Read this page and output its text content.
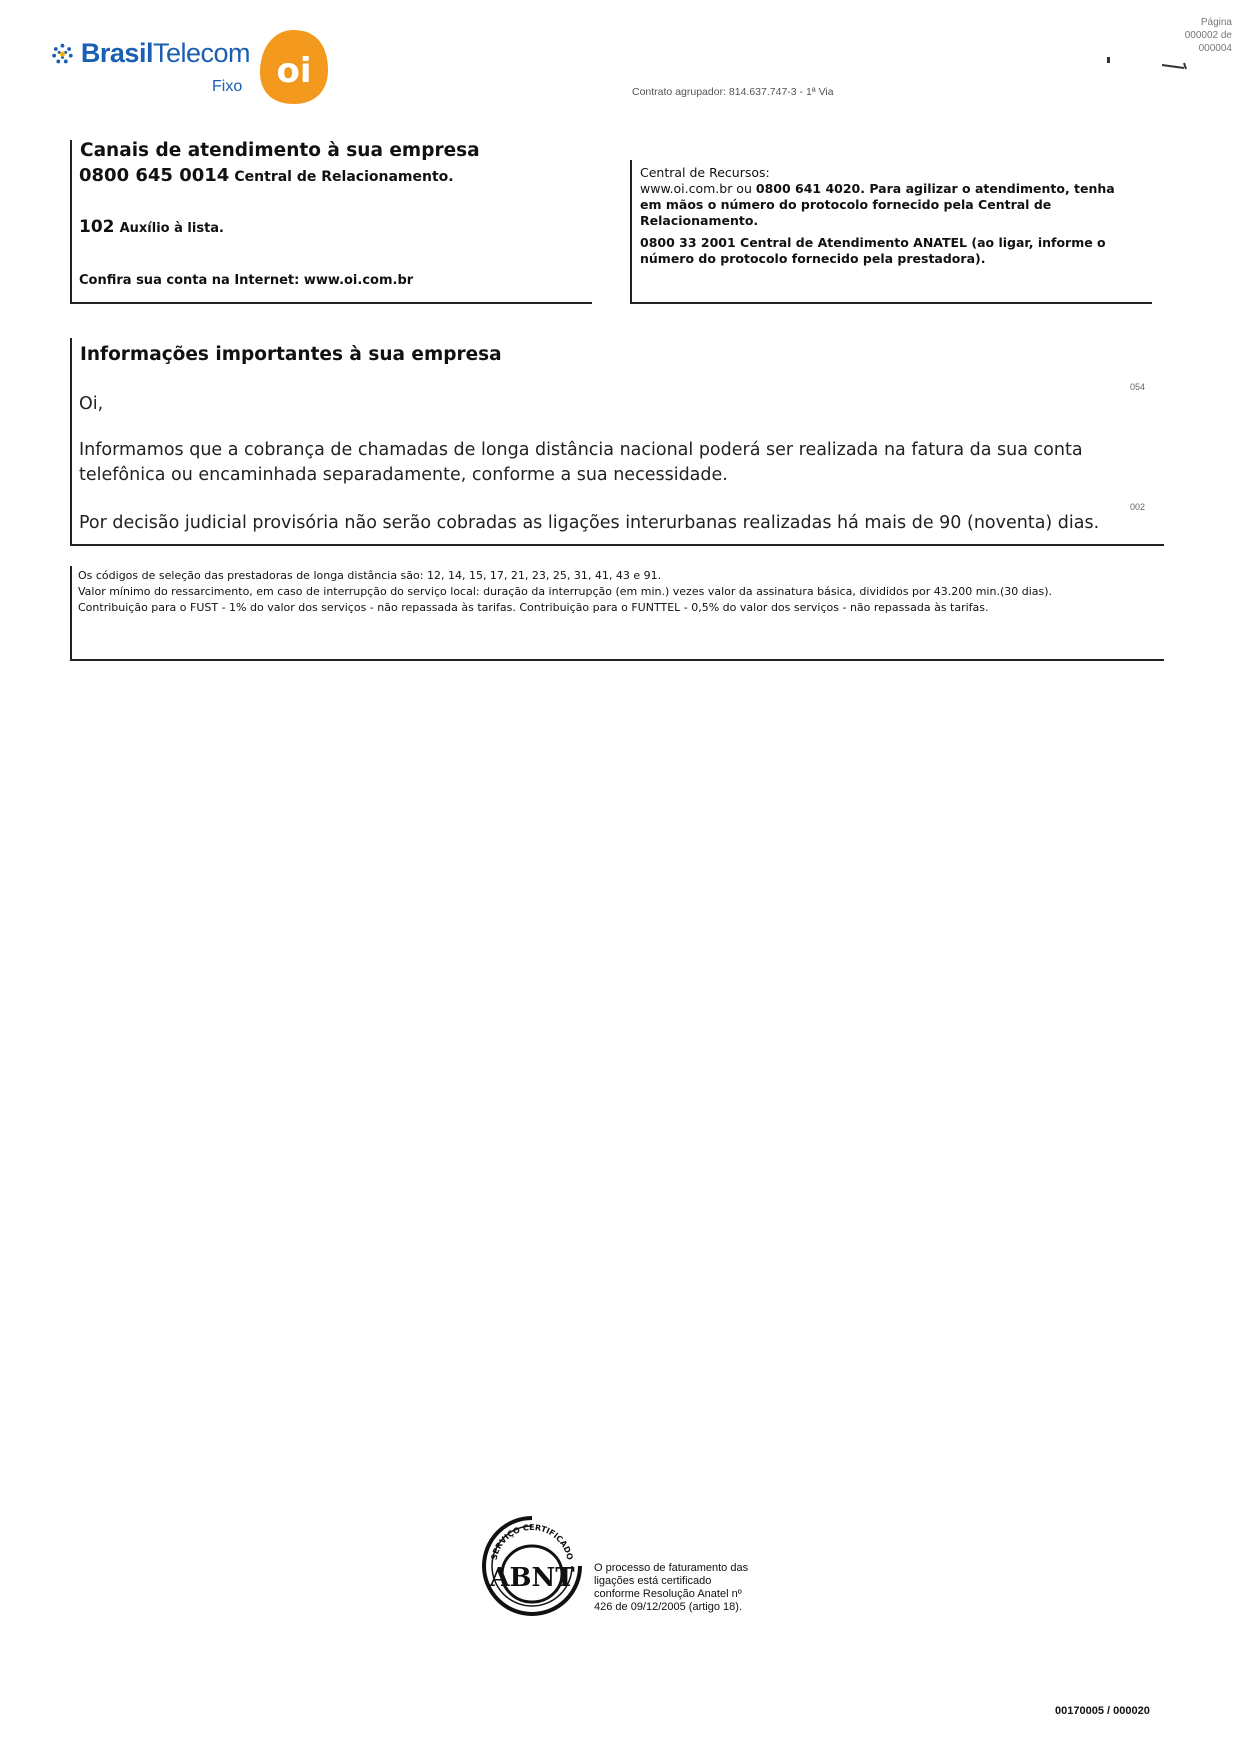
BrasilTelecom
Fixo oi
Página
000002 de
000004
Contrato agrupador: 814.637.747-3 - 1ª Via
Canais de atendimento à sua empresa
0800 645 0014 Central de Relacionamento.
102 Auxílio à lista.
Confira sua conta na Internet: www.oi.com.br
Central de Recursos:
www.oi.com.br ou 0800 641 4020. Para agilizar o atendimento, tenha em mãos o número do protocolo fornecido pela Central de Relacionamento.
0800 33 2001 Central de Atendimento ANATEL (ao ligar, informe o número do protocolo fornecido pela prestadora).
Informações importantes à sua empresa
Oi,
054
Informamos que a cobrança de chamadas de longa distância nacional poderá ser realizada na fatura da sua conta telefônica ou encaminhada separadamente, conforme a sua necessidade.
002
Por decisão judicial provisória não serão cobradas as ligações interurbanas realizadas há mais de 90 (noventa) dias.
Os códigos de seleção das prestadoras de longa distância são: 12, 14, 15, 17, 21, 23, 25, 31, 41, 43 e 91.
Valor mínimo do ressarcimento, em caso de interrupção do serviço local: duração da interrupção (em min.) vezes valor da assinatura básica, divididos por 43.200 min.(30 dias).
Contribuição para o FUST - 1% do valor dos serviços - não repassada às tarifas. Contribuição para o FUNTTEL - 0,5% do valor dos serviços - não repassada às tarifas.
SERVIÇO CERTIFICADO
ABNT O processo de faturamento das ligações está certificado conforme Resolução Anatel nº 426 de 09/12/2005 (artigo 18).
00170005 / 000020
